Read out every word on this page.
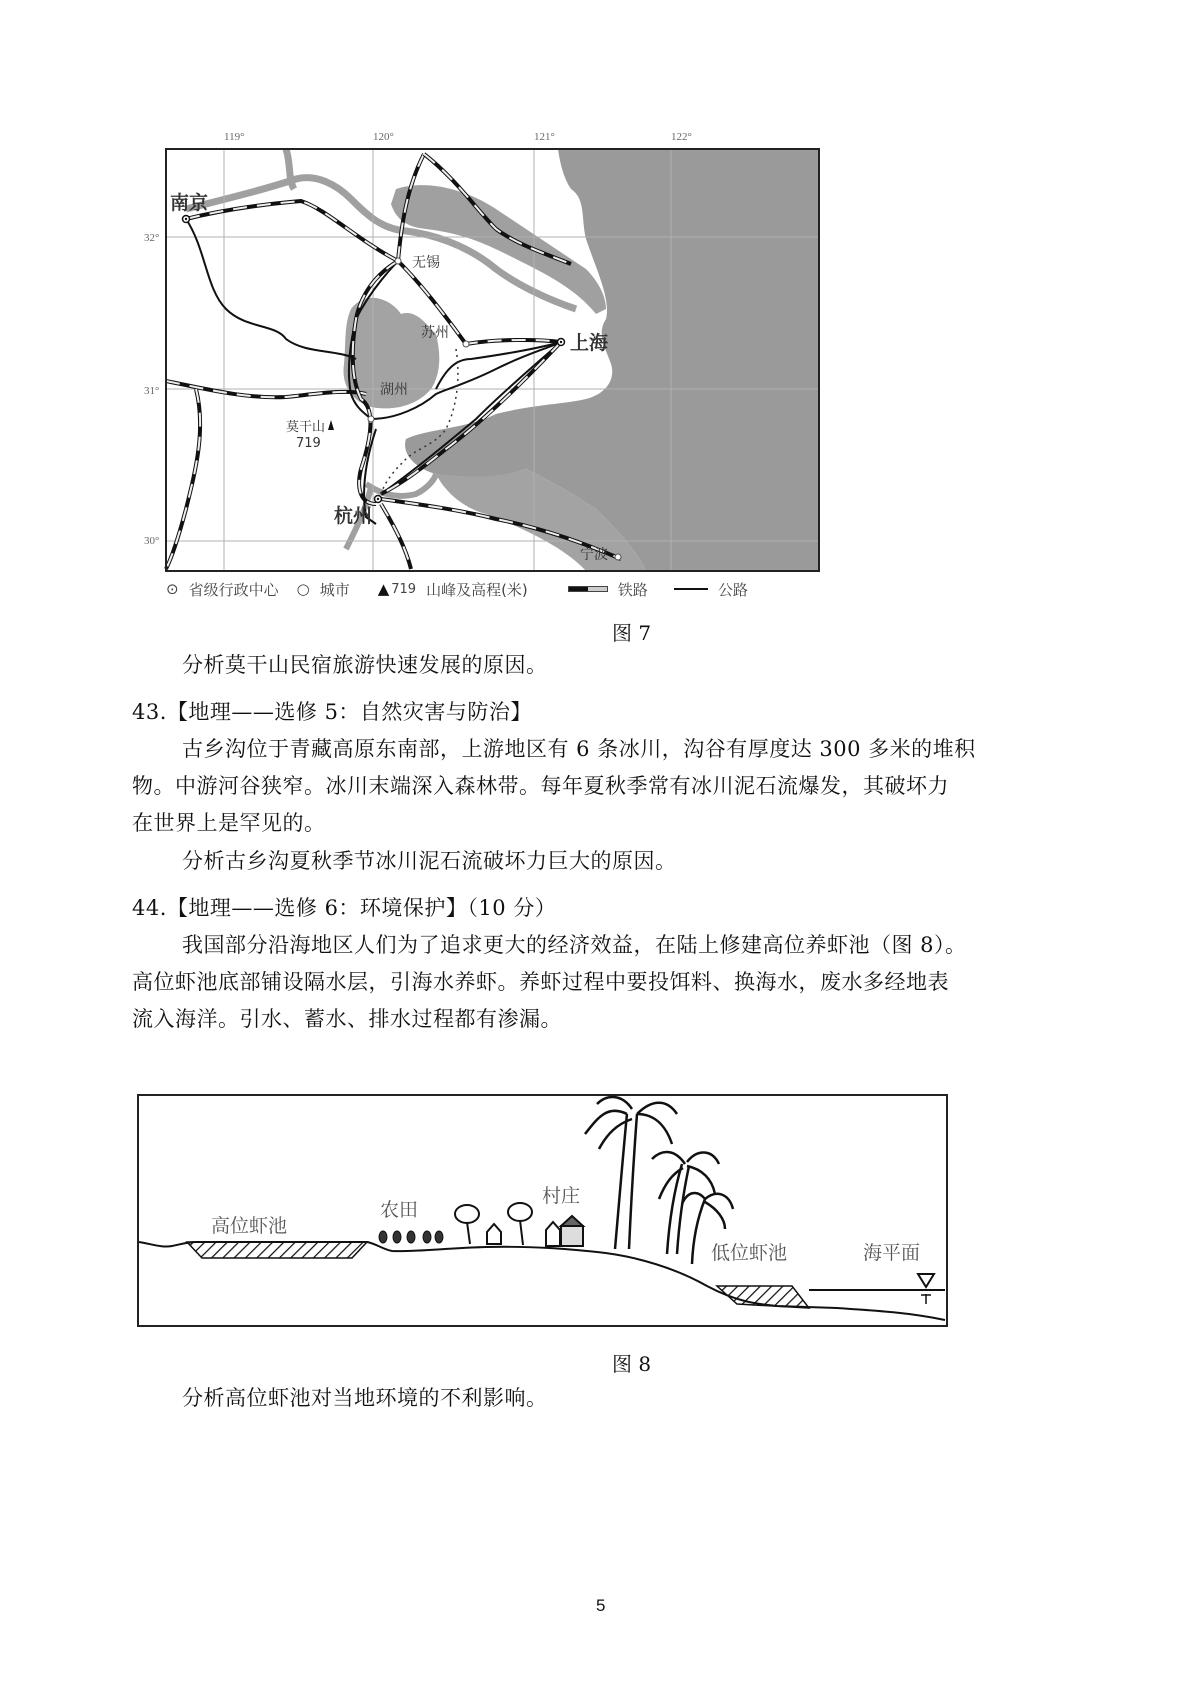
119°	120°	121°	122°
32°
31°
30°
南京
无锡
苏州	上海
湖州
莫干山
719
杭州
宁波
⊙ 省级行政中心 ○ 城市 ▲ 719 山峰及高程(米)	铁路	公路
图 7
分析莫干山民宿旅游快速发展的原因。
43.【地理——选修 5：自然灾害与防治】
古乡沟位于青藏高原东南部，上游地区有 6 条冰川，沟谷有厚度达 300 多米的堆积
物。中游河谷狭窄。冰川末端深入森林带。每年夏秋季常有冰川泥石流爆发，其破坏力
在世界上是罕见的。
分析古乡沟夏秋季节冰川泥石流破坏力巨大的原因。
44.【地理——选修 6：环境保护】（10 分）
我国部分沿海地区人们为了追求更大的经济效益，在陆上修建高位养虾池（图 8）。
高位虾池底部铺设隔水层，引海水养虾。养虾过程中要投饵料、换海水，废水多经地表
流入海洋。引水、蓄水、排水过程都有渗漏。
高位虾池
农田
村庄
低位虾池	海平面
图 8
分析高位虾池对当地环境的不利影响。
5
